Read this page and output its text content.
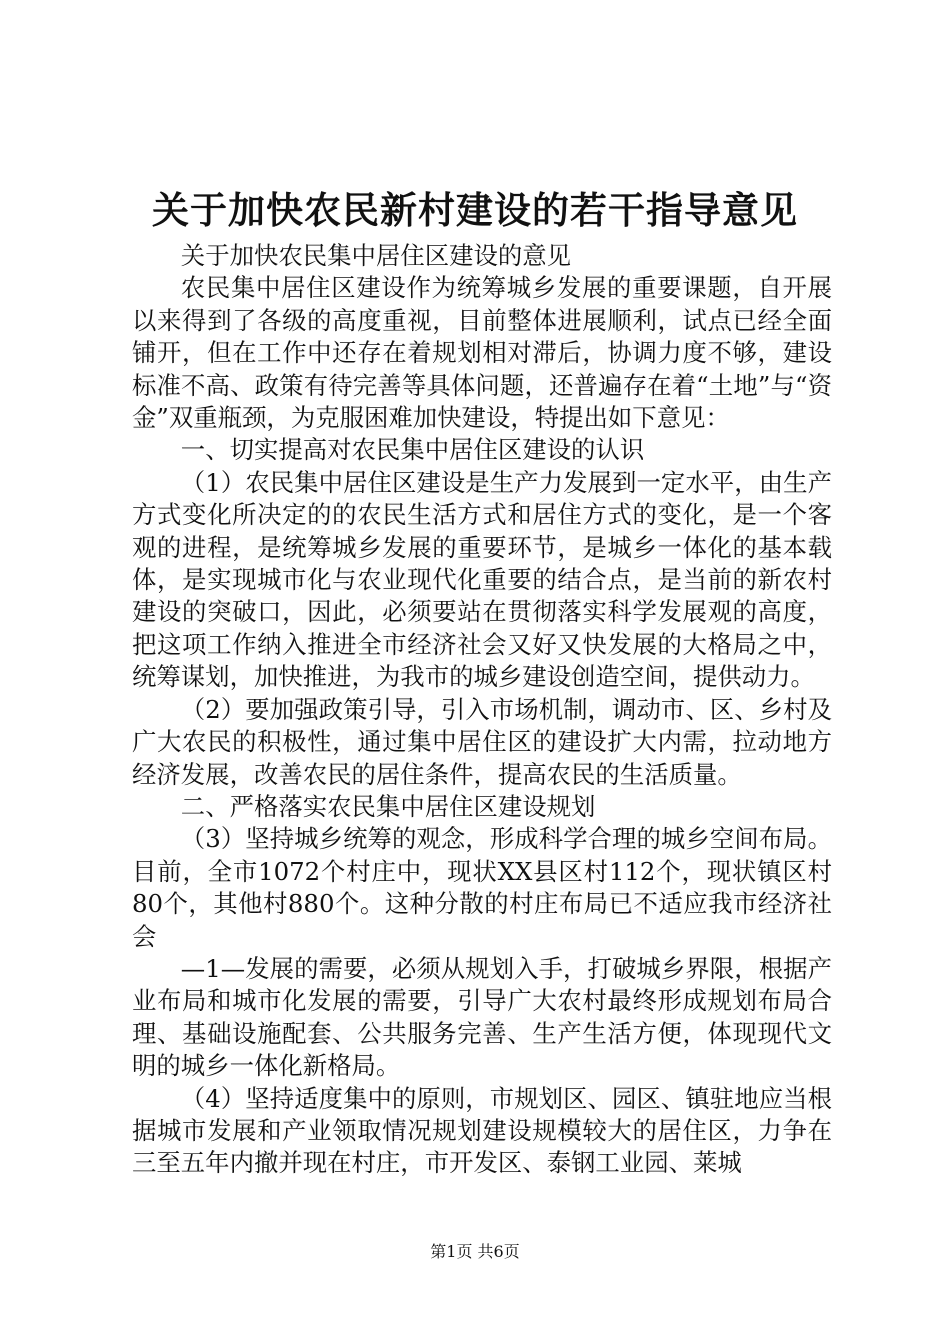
关于加快农民新村建设的若干指导意见

关于加快农民集中居住区建设的意见

农民集中居住区建设作为统筹城乡发展的重要课题，自开展以来得到了各级的高度重视，目前整体进展顺利，试点已经全面铺开，但在工作中还存在着规划相对滞后，协调力度不够，建设标准不高、政策有待完善等具体问题，还普遍存在着“土地”与“资金”双重瓶颈，为克服困难加快建设，特提出如下意见：

一、切实提高对农民集中居住区建设的认识

（1）农民集中居住区建设是生产力发展到一定水平，由生产方式变化所决定的的农民生活方式和居住方式的变化，是一个客观的进程，是统筹城乡发展的重要环节，是城乡一体化的基本载体，是实现城市化与农业现代化重要的结合点，是当前的新农村建设的突破口，因此，必须要站在贯彻落实科学发展观的高度，把这项工作纳入推进全市经济社会又好又快发展的大格局之中，统筹谋划，加快推进，为我市的城乡建设创造空间，提供动力。

（2）要加强政策引导，引入市场机制，调动市、区、乡村及广大农民的积极性，通过集中居住区的建设扩大内需，拉动地方经济发展，改善农民的居住条件，提高农民的生活质量。

二、严格落实农民集中居住区建设规划

（3）坚持城乡统筹的观念，形成科学合理的城乡空间布局。目前，全市1072个村庄中，现状XX县区村112个，现状镇区村80个，其他村880个。这种分散的村庄布局已不适应我市经济社会

—1—发展的需要，必须从规划入手，打破城乡界限，根据产业布局和城市化发展的需要，引导广大农村最终形成规划布局合理、基础设施配套、公共服务完善、生产生活方便，体现现代文明的城乡一体化新格局。

（4）坚持适度集中的原则，市规划区、园区、镇驻地应当根据城市发展和产业领取情况规划建设规模较大的居住区，力争在三至五年内撤并现在村庄，市开发区、泰钢工业园、莱城

第1页 共6页
